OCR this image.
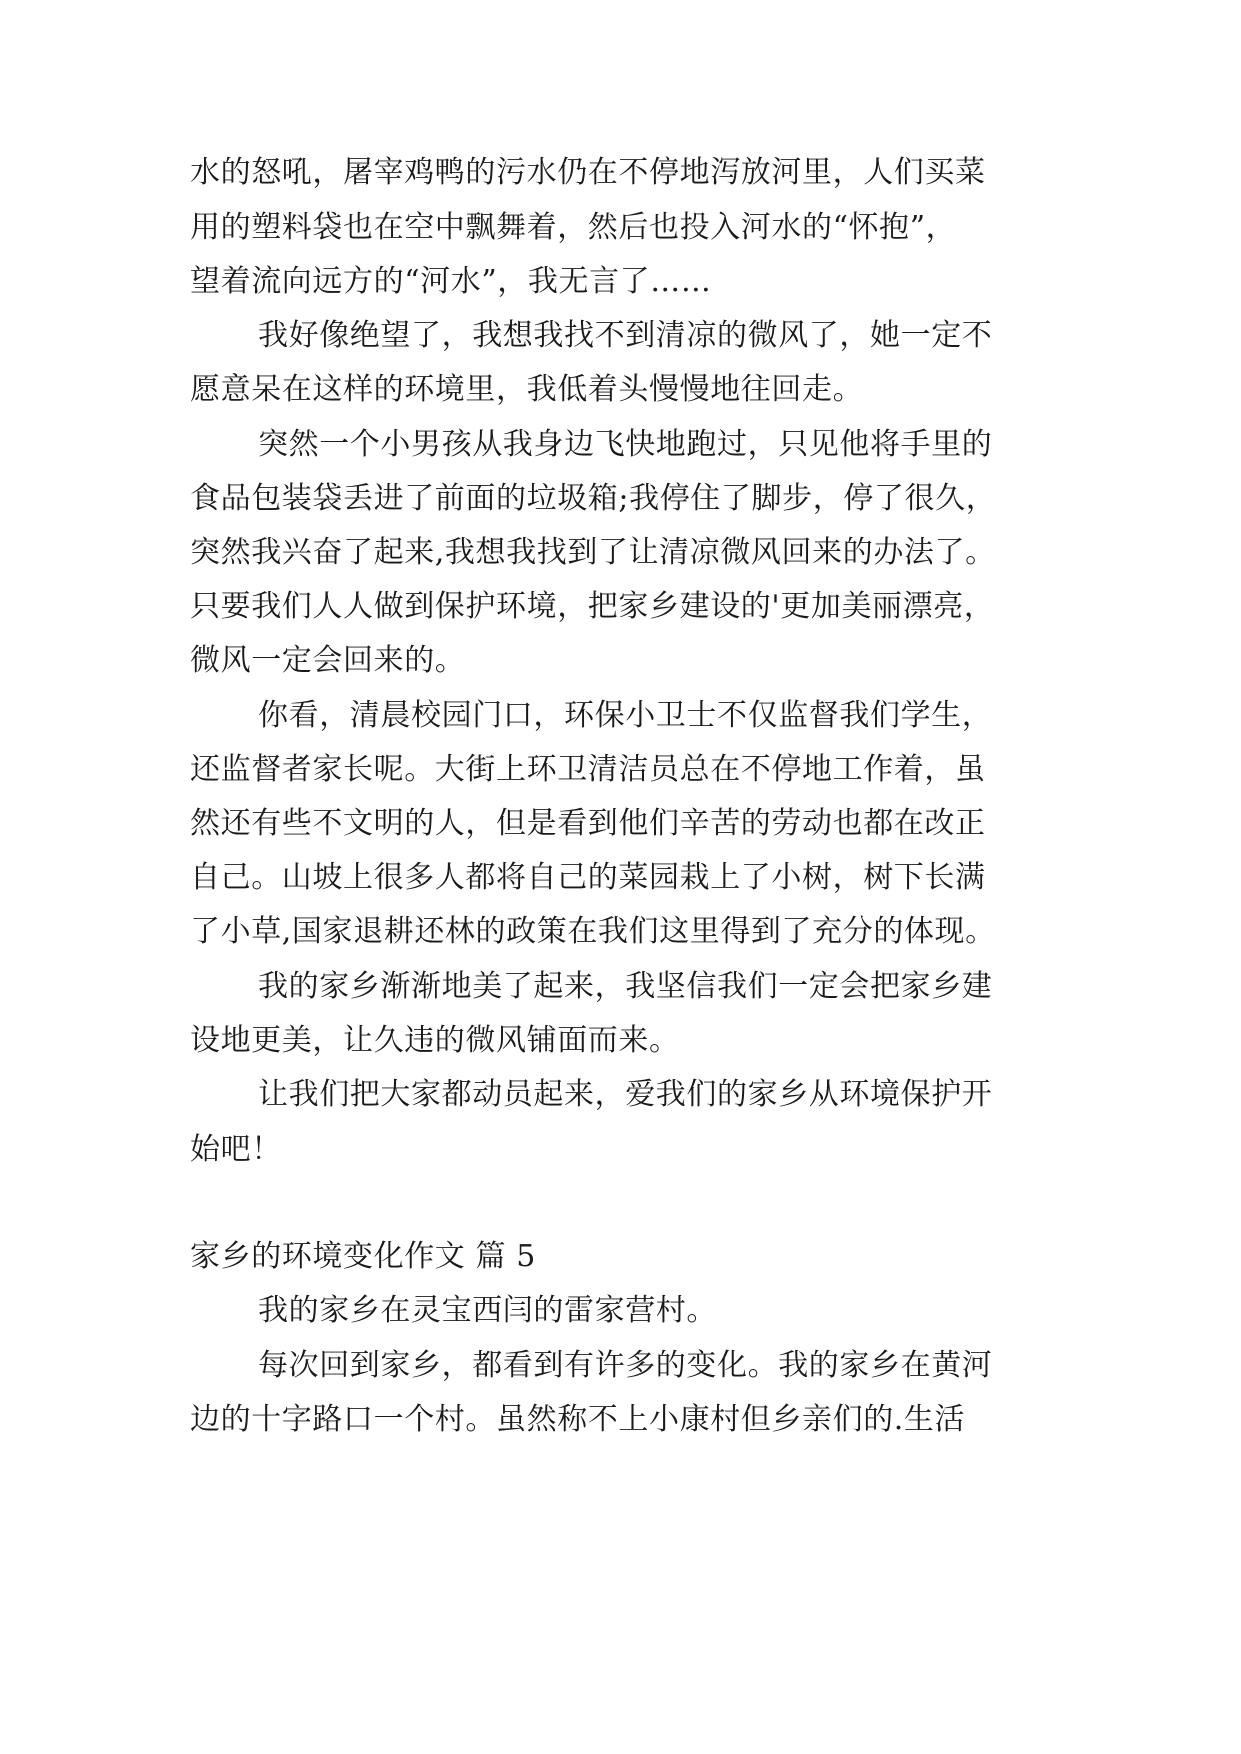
水的怒吼，屠宰鸡鸭的污水仍在不停地泻放河里，人们买菜
用的塑料袋也在空中飘舞着，然后也投入河水的“怀抱”，
望着流向远方的“河水”，我无言了……
我好像绝望了，我想我找不到清凉的微风了，她一定不
愿意呆在这样的环境里，我低着头慢慢地往回走。
突然一个小男孩从我身边飞快地跑过，只见他将手里的
食品包装袋丢进了前面的垃圾箱;我停住了脚步，停了很久，
突然我兴奋了起来,我想我找到了让清凉微风回来的办法了。
只要我们人人做到保护环境，把家乡建设的'更加美丽漂亮，
微风一定会回来的。
你看，清晨校园门口，环保小卫士不仅监督我们学生，
还监督者家长呢。大街上环卫清洁员总在不停地工作着，虽
然还有些不文明的人，但是看到他们辛苦的劳动也都在改正
自己。山坡上很多人都将自己的菜园栽上了小树，树下长满
了小草,国家退耕还林的政策在我们这里得到了充分的体现。
我的家乡渐渐地美了起来，我坚信我们一定会把家乡建
设地更美，让久违的微风铺面而来。
让我们把大家都动员起来，爱我们的家乡从环境保护开
始吧！
家乡的环境变化作文 篇 5
我的家乡在灵宝西闫的雷家营村。
每次回到家乡，都看到有许多的变化。我的家乡在黄河
边的十字路口一个村。虽然称不上小康村但乡亲们的.生活
